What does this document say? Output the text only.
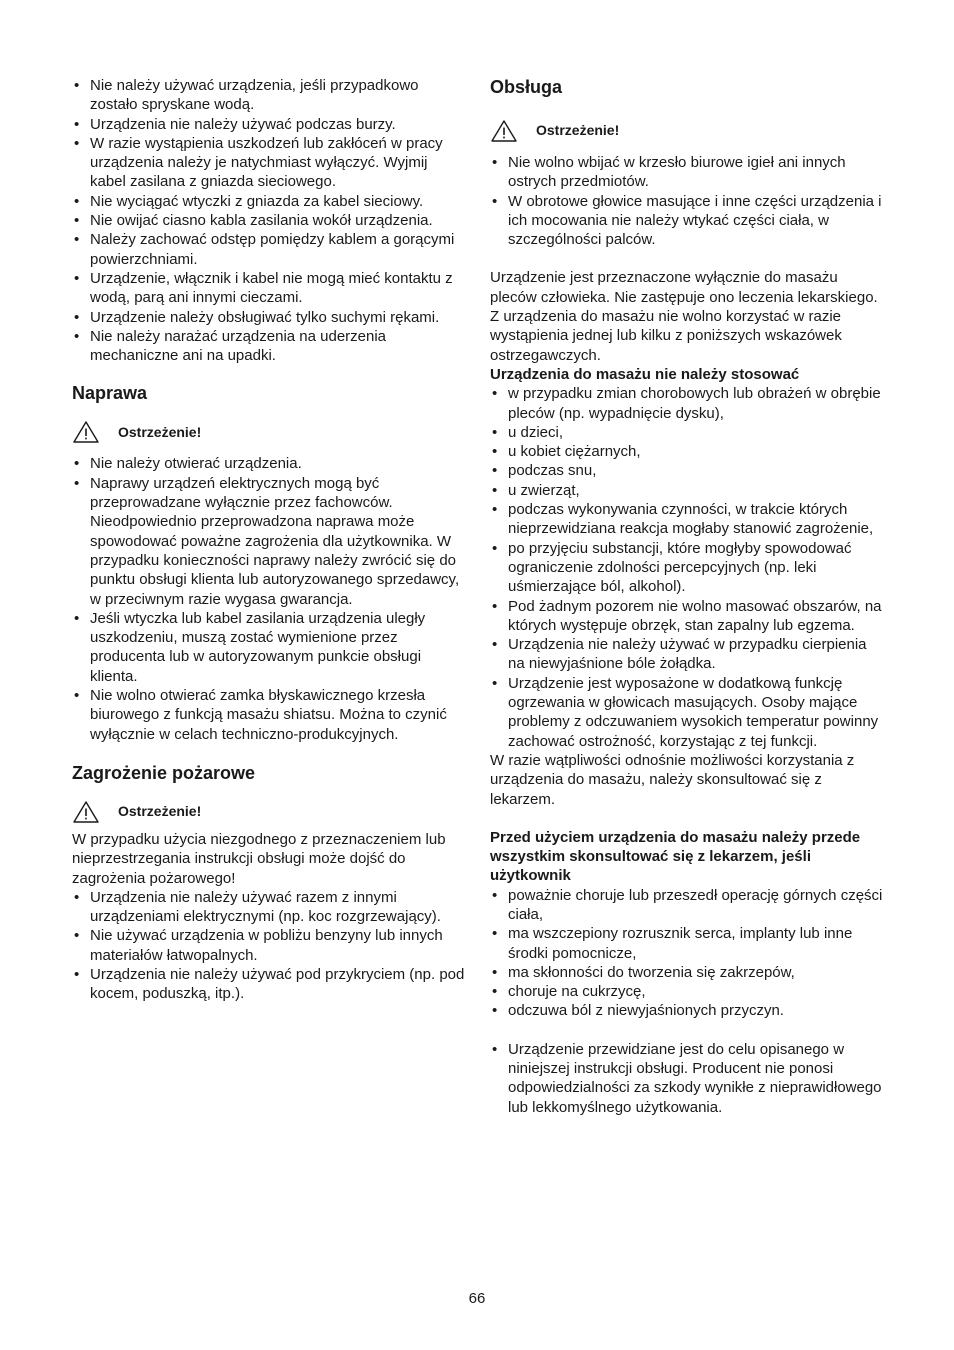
• Nie należy używać urządzenia, jeśli przypadkowo zostało spryskane wodą.
• Urządzenia nie należy używać podczas burzy.
• W razie wystąpienia uszkodzeń lub zakłóceń w pracy urządzenia należy je natychmiast wyłączyć. Wyjmij kabel zasilana z gniazda sieciowego.
• Nie wyciągać wtyczki z gniazda za kabel sieciowy.
• Nie owijać ciasno kabla zasilania wokół urządzenia.
• Należy zachować odstęp pomiędzy kablem a gorącymi powierzchniami.
• Urządzenie, włącznik i kabel nie mogą mieć kontaktu z wodą, parą ani innymi cieczami.
• Urządzenie należy obsługiwać tylko suchymi rękami.
• Nie należy narażać urządzenia na uderzenia mechaniczne ani na upadki.
Naprawa
Ostrzeżenie!
• Nie należy otwierać urządzenia.
• Naprawy urządzeń elektrycznych mogą być przeprowadzane wyłącznie przez fachowców. Nieodpowiednio przeprowadzona naprawa może spowodować poważne zagrożenia dla użytkownika. W przypadku konieczności naprawy należy zwrócić się do punktu obsługi klienta lub autoryzowanego sprzedawcy, w przeciwnym razie wygasa gwarancja.
• Jeśli wtyczka lub kabel zasilania urządzenia uległy uszkodzeniu, muszą zostać wymienione przez producenta lub w autoryzowanym punkcie obsługi klienta.
• Nie wolno otwierać zamka błyskawicznego krzesła biurowego z funkcją masażu shiatsu. Można to czynić wyłącznie w celach techniczno-produkcyjnych.
Zagrożenie pożarowe
Ostrzeżenie!

W przypadku użycia niezgodnego z przeznaczeniem lub nieprzestrzegania instrukcji obsługi może dojść do zagrożenia pożarowego!

• Urządzenia nie należy używać razem z innymi urządzeniami elektrycznymi (np. koc rozgrzewający).
• Nie używać urządzenia w pobliżu benzyny lub innych materiałów łatwopalnych.
• Urządzenia nie należy używać pod przykryciem (np. pod kocem, poduszką, itp.).
Obsługa
Ostrzeżenie!
• Nie wolno wbijać w krzesło biurowe igieł ani innych ostrych przedmiotów.
• W obrotowe głowice masujące i inne części urządzenia i ich mocowania nie należy wtykać części ciała, w szczególności palców.

Urządzenie jest przeznaczone wyłącznie do masażu pleców człowieka. Nie zastępuje ono leczenia lekarskiego. Z urządzenia do masażu nie wolno korzystać w razie wystąpienia jednej lub kilku z poniższych wskazówek ostrzegawczych.

Urządzenia do masażu nie należy stosować

• w przypadku zmian chorobowych lub obrażeń w obrębie pleców (np. wypadnięcie dysku),
• u dzieci,
• u kobiet ciężarnych,
• podczas snu,
• u zwierząt,
• podczas wykonywania czynności, w trakcie których nieprzewidziana reakcja mogłaby stanowić zagrożenie,
• po przyjęciu substancji, które mogłyby spowodować ograniczenie zdolności percepcyjnych (np. leki uśmierzające ból, alkohol).
• Pod żadnym pozorem nie wolno masować obszarów, na których występuje obrzęk, stan zapalny lub egzema.
• Urządzenia nie należy używać w przypadku cierpienia na niewyjaśnione bóle żołądka.
• Urządzenie jest wyposażone w dodatkową funkcję ogrzewania w głowicach masujących. Osoby mające problemy z odczuwaniem wysokich temperatur powinny zachować ostrożność, korzystając z tej funkcji.

W razie wątpliwości odnośnie możliwości korzystania z urządzenia do masażu, należy skonsultować się z lekarzem.

Przed użyciem urządzenia do masażu należy przede wszystkim skonsultować się z lekarzem, jeśli użytkownik

• poważnie choruje lub przeszedł operację górnych części ciała,
• ma wszczepiony rozrusznik serca, implanty lub inne środki pomocnicze,
• ma skłonności do tworzenia się zakrzepów,
• choruje na cukrzycę,
• odczuwa ból z niewyjaśnionych przyczyn.
• Urządzenie przewidziane jest do celu opisanego w niniejszej instrukcji obsługi. Producent nie ponosi odpowiedzialności za szkody wynikłe z nieprawidłowego lub lekkomyślnego użytkowania.
66
